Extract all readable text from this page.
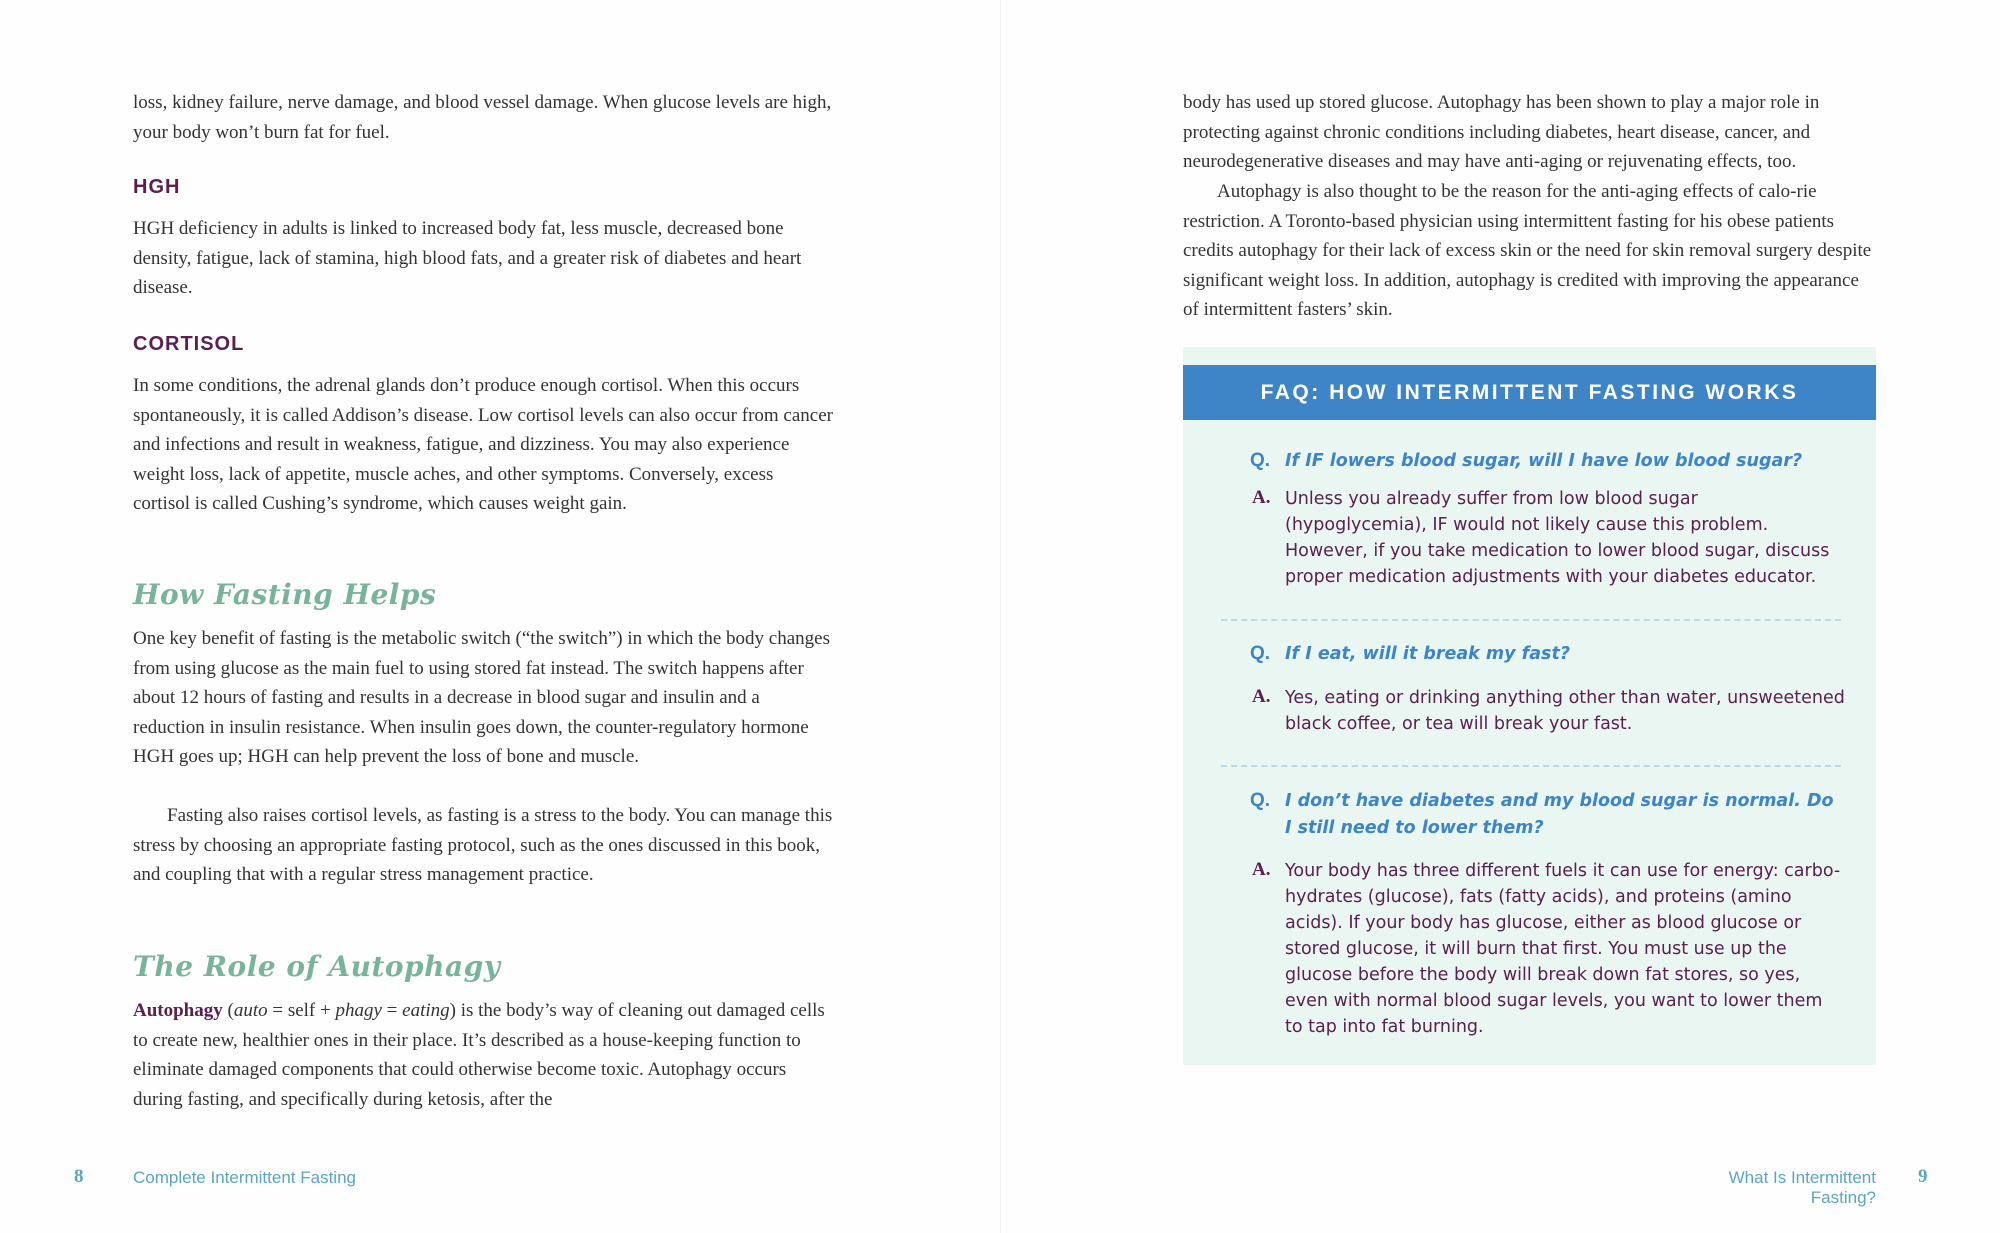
loss, kidney failure, nerve damage, and blood vessel damage. When glucose levels are high, your body won’t burn fat for fuel.

HGH

HGH deficiency in adults is linked to increased body fat, less muscle, decreased bone density, fatigue, lack of stamina, high blood fats, and a greater risk of diabetes and heart disease.

CORTISOL

In some conditions, the adrenal glands don’t produce enough cortisol. When this occurs spontaneously, it is called Addison’s disease. Low cortisol levels can also occur from cancer and infections and result in weakness, fatigue, and dizziness. You may also experience weight loss, lack of appetite, muscle aches, and other symptoms. Conversely, excess cortisol is called Cushing’s syndrome, which causes weight gain.

How Fasting Helps

One key benefit of fasting is the metabolic switch (“the switch”) in which the body changes from using glucose as the main fuel to using stored fat instead. The switch happens after about 12 hours of fasting and results in a decrease in blood sugar and insulin and a reduction in insulin resistance. When insulin goes down, the counter-regulatory hormone HGH goes up; HGH can help prevent the loss of bone and muscle.

Fasting also raises cortisol levels, as fasting is a stress to the body. You can manage this stress by choosing an appropriate fasting protocol, such as the ones discussed in this book, and coupling that with a regular stress management practice.

The Role of Autophagy

Autophagy (auto = self + phagy = eating) is the body’s way of cleaning out damaged cells to create new, healthier ones in their place. It’s described as a house-keeping function to eliminate damaged components that could otherwise become toxic. Autophagy occurs during fasting, and specifically during ketosis, after the

8	Complete Intermittent Fasting

body has used up stored glucose. Autophagy has been shown to play a major role in protecting against chronic conditions including diabetes, heart disease, cancer, and neurodegenerative diseases and may have anti-aging or rejuvenating effects, too.

Autophagy is also thought to be the reason for the anti-aging effects of calo-rie restriction. A Toronto-based physician using intermittent fasting for his obese patients credits autophagy for their lack of excess skin or the need for skin removal surgery despite significant weight loss. In addition, autophagy is credited with improving the appearance of intermittent fasters’ skin.

FAQ: HOW INTERMITTENT FASTING WORKS
Q. If IF lowers blood sugar, will I have low blood sugar?

A. Unless you already suffer from low blood sugar (hypoglycemia), IF would not likely cause this problem. However, if you take medication to lower blood sugar, discuss proper medication adjustments with your diabetes educator.

Q. If I eat, will it break my fast?

A. Yes, eating or drinking anything other than water, unsweetened black coffee, or tea will break your fast.

Q. I don’t have diabetes and my blood sugar is normal. Do I still need to lower them?

A. Your body has three different fuels it can use for energy: carbo-hydrates (glucose), fats (fatty acids), and proteins (amino acids). If your body has glucose, either as blood glucose or stored glucose, it will burn that first. You must use up the glucose before the body will break down fat stores, so yes, even with normal blood sugar levels, you want to lower them to tap into fat burning.

What Is Intermittent Fasting?
9
